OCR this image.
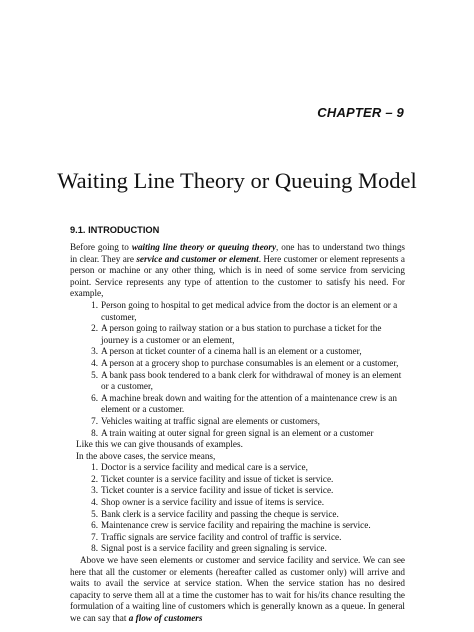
CHAPTER – 9
Waiting Line Theory or Queuing Model
9.1. INTRODUCTION

Before going to waiting line theory or queuing theory, one has to understand two things in clear. They are service and customer or element. Here customer or element represents a person or machine or any other thing, which is in need of some service from servicing point. Service represents any type of attention to the customer to satisfy his need. For example,

1. Person going to hospital to get medical advice from the doctor is an element or a customer,
2. A person going to railway station or a bus station to purchase a ticket for the journey is a customer or an element,
3. A person at ticket counter of a cinema hall is an element or a customer,
4. A person at a grocery shop to purchase consumables is an element or a customer,
5. A bank pass book tendered to a bank clerk for withdrawal of money is an element or a customer,
6. A machine break down and waiting for the attention of a maintenance crew is an element or a customer.
7. Vehicles waiting at traffic signal are elements or customers,
8. A train waiting at outer signal for green signal is an element or a customer

Like this we can give thousands of examples.

In the above cases, the service means,

1. Doctor is a service facility and medical care is a service,
2. Ticket counter is a service facility and issue of ticket is service.
3. Ticket counter is a service facility and issue of ticket is service.
4. Shop owner is a service facility and issue of items is service.
5. Bank clerk is a service facility and passing the cheque is service.
6. Maintenance crew is service facility and repairing the machine is service.
7. Traffic signals are service facility and control of traffic is service.
8. Signal post is a service facility and green signaling is service.

Above we have seen elements or customer and service facility and service. We can see here that all the customer or elements (hereafter called as customer only) will arrive and waits to avail the service at service station. When the service station has no desired capacity to serve them all at a time the customer has to wait for his/its chance resulting the formulation of a waiting line of customers which is generally known as a queue. In general we can say that a flow of customers
